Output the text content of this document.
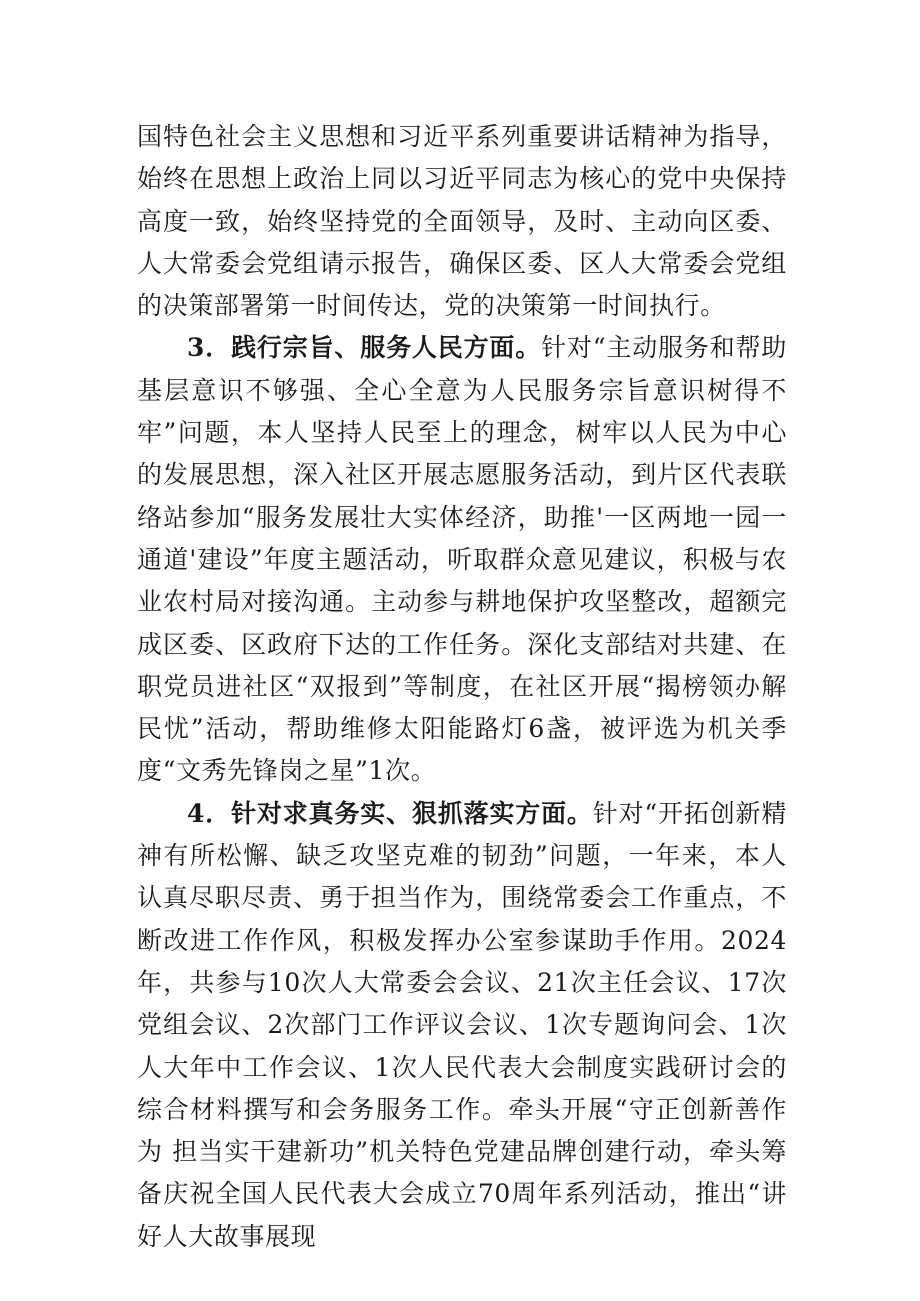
国特色社会主义思想和习近平系列重要讲话精神为指导，始终在思想上政治上同以习近平同志为核心的党中央保持高度一致，始终坚持党的全面领导，及时、主动向区委、人大常委会党组请示报告，确保区委、区人大常委会党组的决策部署第一时间传达，党的决策第一时间执行。

3．践行宗旨、服务人民方面。针对“主动服务和帮助基层意识不够强、全心全意为人民服务宗旨意识树得不牢”问题，本人坚持人民至上的理念，树牢以人民为中心的发展思想，深入社区开展志愿服务活动，到片区代表联络站参加“服务发展壮大实体经济，助推'一区两地一园一通道'建设”年度主题活动，听取群众意见建议，积极与农业农村局对接沟通。主动参与耕地保护攻坚整改，超额完成区委、区政府下达的工作任务。深化支部结对共建、在职党员进社区“双报到”等制度，在社区开展“揭榜领办解民忧”活动，帮助维修太阳能路灯6盏，被评选为机关季度“文秀先锋岗之星”1次。

4．针对求真务实、狠抓落实方面。针对“开拓创新精神有所松懈、缺乏攻坚克难的韧劲”问题，一年来，本人认真尽职尽责、勇于担当作为，围绕常委会工作重点，不断改进工作作风，积极发挥办公室参谋助手作用。2024年，共参与10次人大常委会会议、21次主任会议、17次党组会议、2次部门工作评议会议、1次专题询问会、1次人大年中工作会议、1次人民代表大会制度实践研讨会的综合材料撰写和会务服务工作。牵头开展“守正创新善作为 担当实干建新功”机关特色党建品牌创建行动，牵头筹备庆祝全国人民代表大会成立70周年系列活动，推出“讲好人大故事展现
